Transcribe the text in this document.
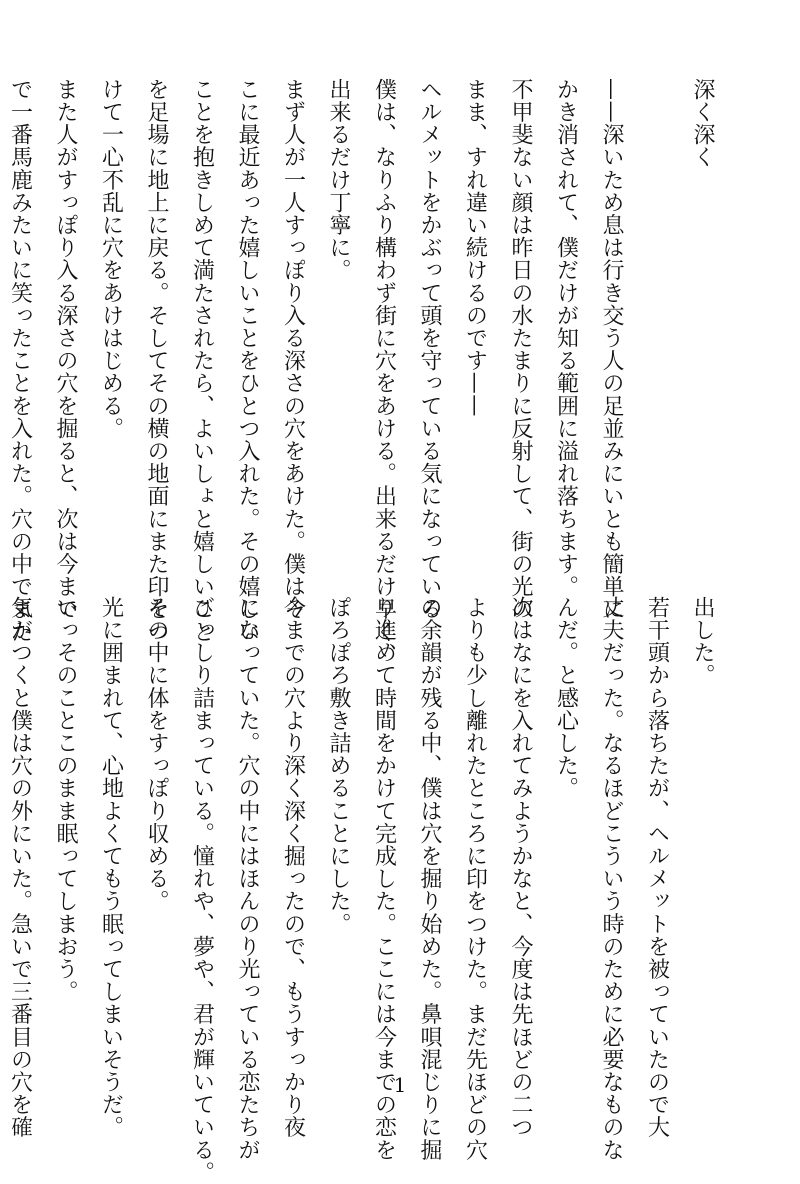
深く深く
——深いため息は行き交う人の足並みにいとも簡単に
かき消されて、僕だけが知る範囲に溢れ落ちます。
不甲斐ない顔は昨日の水たまりに反射して、街の光の
まま、すれ違い続けるのです——
ヘルメットをかぶって頭を守っている気になっている
僕は、なりふり構わず街に穴をあける。出来るだけ早く、
出来るだけ丁寧に。
まず人が一人すっぽり入る深さの穴をあけた。僕はそ
こに最近あった嬉しいことをひとつ入れた。その嬉しい
ことを抱きしめて満たされたら、よいしょと嬉しいこと
を足場に地上に戻る。そしてその横の地面にまた印をつ
けて一心不乱に穴をあけはじめる。
また人がすっぽり入る深さの穴を掘ると、次は今まで
で一番馬鹿みたいに笑ったことを入れた。穴の中でまた	出した。
若干頭から落ちたが、ヘルメットを被っていたので大
丈夫だった。なるほどこういう時のために必要なものな
んだ。と感心した。
次はなにを入れてみようかなと、今度は先ほどの二つ
よりも少し離れたところに印をつけた。まだ先ほどの穴
の余韻が残る中、僕は穴を掘り始めた。鼻唄混じりに掘
り進めて時間をかけて完成した。ここには今までの恋を
ぽろぽろ敷き詰めることにした。
今までの穴より深く深く掘ったので、もうすっかり夜
になっていた。穴の中にはほんのり光っている恋たちが
びっしり詰まっている。憧れや、夢や、君が輝いている。
その中に体をすっぽり収める。
光に囲まれて、心地よくてもう眠ってしまいそうだ。
いっそのことこのまま眠ってしまおう。
気がつくと僕は穴の外にいた。急いで三番目の穴を確	1
